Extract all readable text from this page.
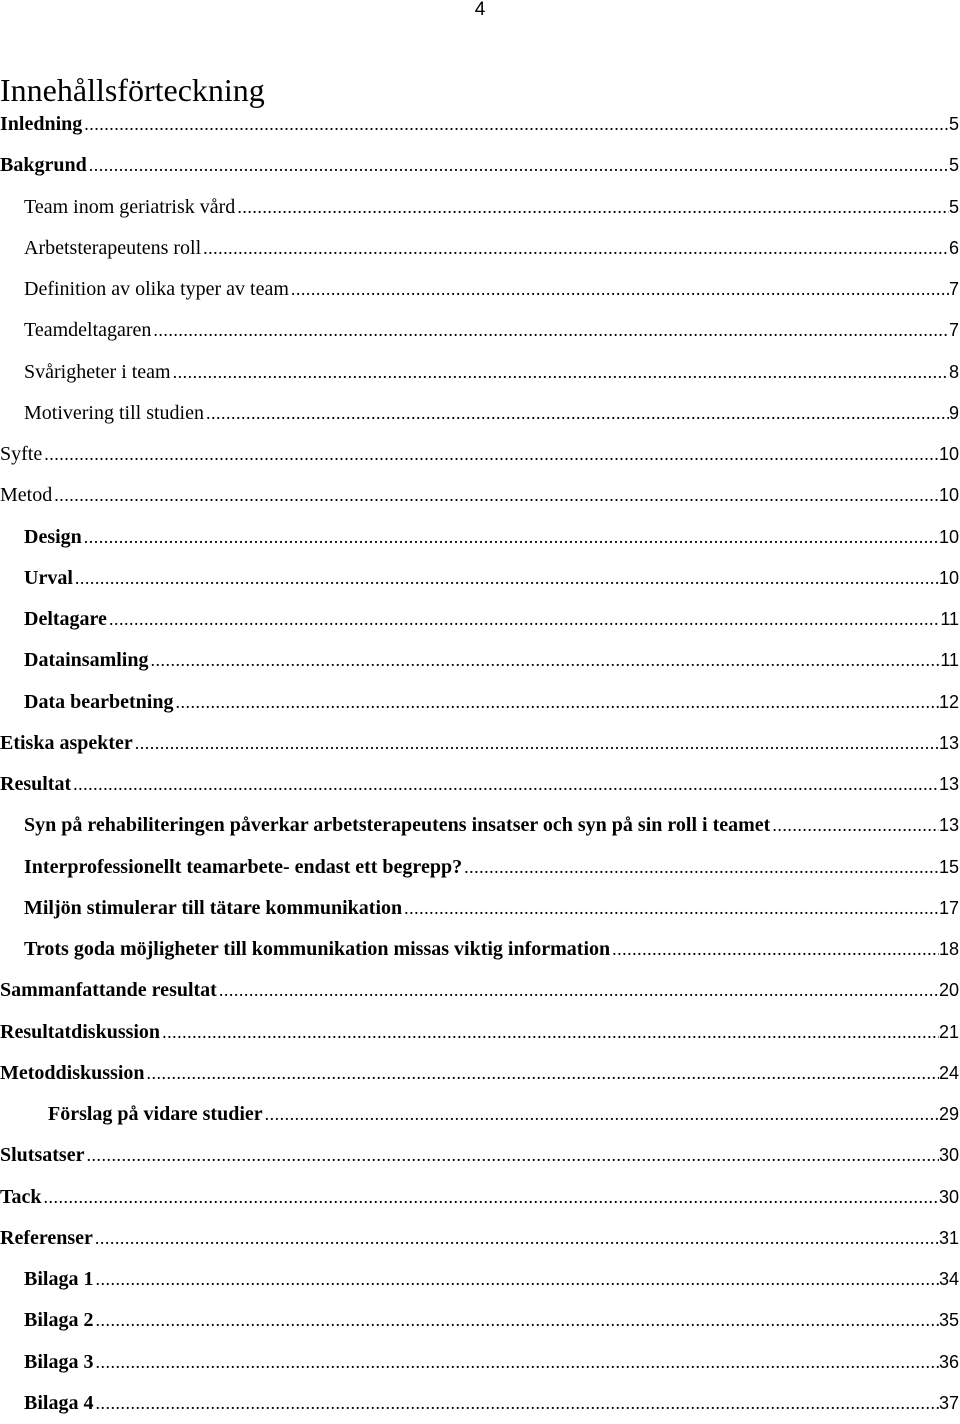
4
Innehållsförteckning
Inledning .....	5
Bakgrund .....	5
Team inom geriatrisk vård .....	5
Arbetsterapeutens roll .....	6
Definition av olika typer av team .....	7
Teamdeltagaren .....	7
Svårigheter i team .....	8
Motivering till studien .....	9
Syfte .....	10
Metod .....	10
Design .....	10
Urval .....	10
Deltagare .....	11
Datainsamling .....	11
Data bearbetning .....	12
Etiska aspekter .....	13
Resultat .....	13
Syn på rehabiliteringen påverkar arbetsterapeutens insatser och syn på sin roll i teamet .....	13
Interprofessionellt teamarbete- endast ett begrepp? .....	15
Miljön stimulerar till tätare kommunikation .....	17
Trots goda möjligheter till kommunikation missas viktig information .....	18
Sammanfattande resultat .....	20
Resultatdiskussion .....	21
Metoddiskussion .....	24
Förslag på vidare studier .....	29
Slutsatser .....	30
Tack .....	30
Referenser .....	31
Bilaga 1 .....	34
Bilaga 2 .....	35
Bilaga 3 .....	36
Bilaga 4 .....	37
